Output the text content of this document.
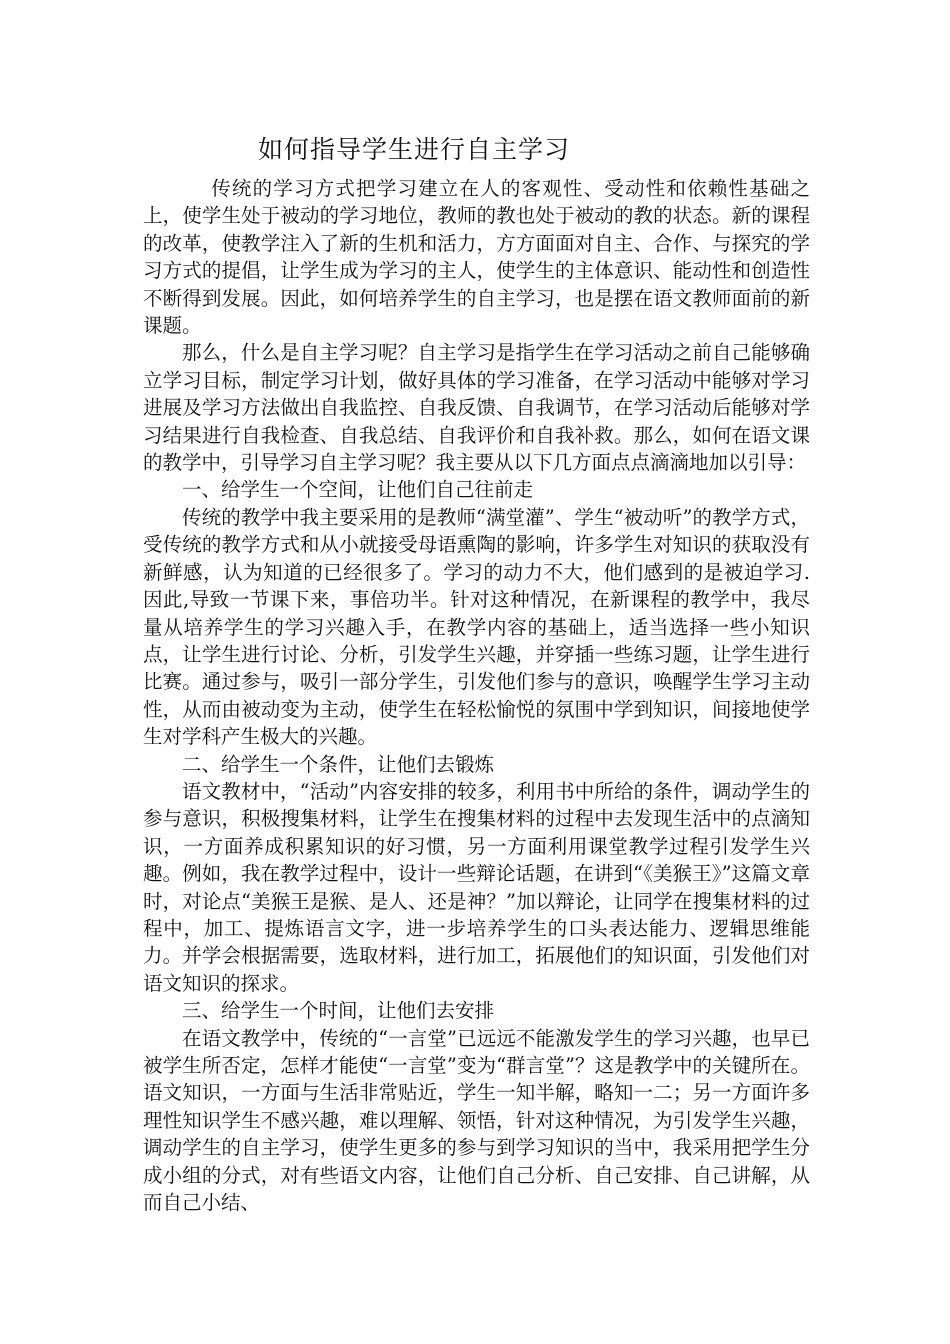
如何指导学生进行自主学习

传统的学习方式把学习建立在人的客观性、受动性和依赖性基础之上，使学生处于被动的学习地位，教师的教也处于被动的教的状态。新的课程的改革，使教学注入了新的生机和活力，方方面面对自主、合作、与探究的学习方式的提倡，让学生成为学习的主人，使学生的主体意识、能动性和创造性不断得到发展。因此，如何培养学生的自主学习，也是摆在语文教师面前的新课题。

那么，什么是自主学习呢？自主学习是指学生在学习活动之前自己能够确立学习目标，制定学习计划，做好具体的学习准备，在学习活动中能够对学习进展及学习方法做出自我监控、自我反馈、自我调节，在学习活动后能够对学习结果进行自我检查、自我总结、自我评价和自我补救。那么，如何在语文课的教学中，引导学习自主学习呢？我主要从以下几方面点点滴滴地加以引导：

一、给学生一个空间，让他们自己往前走

传统的教学中我主要采用的是教师“满堂灌”、学生“被动听”的教学方式，受传统的教学方式和从小就接受母语熏陶的影响，许多学生对知识的获取没有新鲜感，认为知道的已经很多了。学习的动力不大，他们感到的是被迫学习.因此,导致一节课下来，事倍功半。针对这种情况，在新课程的教学中，我尽量从培养学生的学习兴趣入手，在教学内容的基础上，适当选择一些小知识点，让学生进行讨论、分析，引发学生兴趣，并穿插一些练习题，让学生进行比赛。通过参与，吸引一部分学生，引发他们参与的意识，唤醒学生学习主动性，从而由被动变为主动，使学生在轻松愉悦的氛围中学到知识，间接地使学生对学科产生极大的兴趣。

二、给学生一个条件，让他们去锻炼

语文教材中，“活动”内容安排的较多，利用书中所给的条件，调动学生的参与意识，积极搜集材料，让学生在搜集材料的过程中去发现生活中的点滴知识，一方面养成积累知识的好习惯，另一方面利用课堂教学过程引发学生兴趣。例如，我在教学过程中，设计一些辩论话题，在讲到“《美猴王》”这篇文章时，对论点“美猴王是猴、是人、还是神？”加以辩论，让同学在搜集材料的过程中，加工、提炼语言文字，进一步培养学生的口头表达能力、逻辑思维能力。并学会根据需要，选取材料，进行加工，拓展他们的知识面，引发他们对语文知识的探求。

三、给学生一个时间，让他们去安排

在语文教学中，传统的“一言堂”已远远不能激发学生的学习兴趣，也早已被学生所否定，怎样才能使“一言堂”变为“群言堂”？这是教学中的关键所在。语文知识，一方面与生活非常贴近，学生一知半解，略知一二；另一方面许多理性知识学生不感兴趣，难以理解、领悟，针对这种情况，为引发学生兴趣，调动学生的自主学习，使学生更多的参与到学习知识的当中，我采用把学生分成小组的分式，对有些语文内容，让他们自己分析、自己安排、自己讲解，从而自己小结、
